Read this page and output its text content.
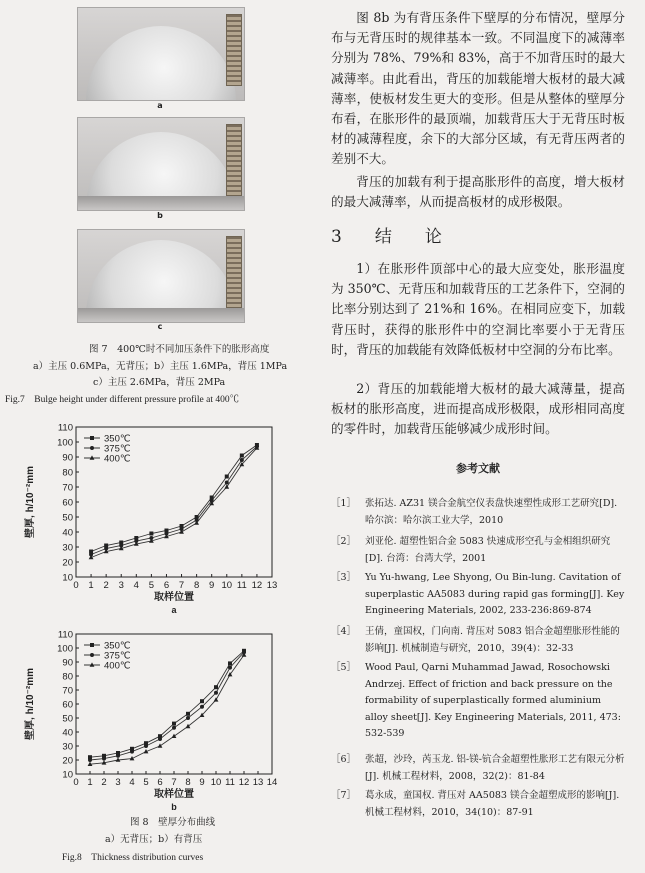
a
b
c
图 7　400℃时不同加压条件下的胀形高度
a）主压 0.6MPa，无背压；b）主压 1.6MPa，背压 1MPa
c）主压 2.6MPa，背压 2MPa
Fig.7　Bulge height under different pressure profile at 400℃
10
20
30
40
50
60
70
80
90
100
110
0 1 2 3 4 5 6 7 8 9 10 11 12 13
取样位置
壁厚, h/10⁻²mm
a
350℃
375℃
400℃
10
20
30
40
50
60
70
80
90
100
110
0 1 2 3 4 5 6 7 8 9 10 11 12 13 14
取样位置
壁厚, h/10⁻²mm
b
350℃
375℃
400℃
图 8　壁厚分布曲线
a）无背压；b）有背压
Fig.8　Thickness distribution curves

图 8b 为有背压条件下壁厚的分布情况，壁厚分布与无背压时的规律基本一致。不同温度下的减薄率分别为 78%、79%和 83%，高于不加背压时的最大减薄率。由此看出，背压的加载能增大板材的最大减薄率，使板材发生更大的变形。但是从整体的壁厚分布看，在胀形件的最顶端，加载背压大于无背压时板材的减薄程度，余下的大部分区域，有无背压两者的差别不大。

背压的加载有利于提高胀形件的高度，增大板材的最大减薄率，从而提高板材的成形极限。

3　结　论

1）在胀形件顶部中心的最大应变处，胀形温度为 350℃、无背压和加载背压的工艺条件下，空洞的比率分别达到了 21%和 16%。在相同应变下，加载背压时，获得的胀形件中的空洞比率要小于无背压时，背压的加载能有效降低板材中空洞的分布比率。

2）背压的加载能增大板材的最大减薄量，提高板材的胀形高度，进而提高成形极限，成形相同高度的零件时，加载背压能够减少成形时间。

参考文献
［1］ 张拓达. AZ31 镁合金航空仪表盘快速塑性成形工艺研究[D]. 哈尔滨：哈尔滨工业大学，2010
［2］ 刘亚伦. 超塑性铝合金 5083 快速成形空孔与金相组织研究[D]. 台湾：台湾大学，2001
［3］ Yu Yu-hwang, Lee Shyong, Ou Bin-lung. Cavitation of superplastic AA5083 during rapid gas forming[J]. Key Engineering Materials, 2002, 233-236:869-874
［4］ 王倩，童国权，门向南. 背压对 5083 铝合金超塑胀形性能的影响[J]. 机械制造与研究，2010，39(4)：32-33
［5］ Wood Paul, Qarni Muhammad Jawad, Rosochowski Andrzej. Effect of friction and back pressure on the formability of superplastically formed aluminium alloy sheet[J]. Key Engineering Materials, 2011, 473: 532-539
［6］ 张超，沙玲，芮玉龙. 铝-镁-钪合金超塑性胀形工艺有限元分析[J]. 机械工程材料，2008，32(2)：81-84
［7］ 葛永成，童国权. 背压对 AA5083 镁合金超塑成形的影响[J]. 机械工程材料，2010，34(10)：87-91
